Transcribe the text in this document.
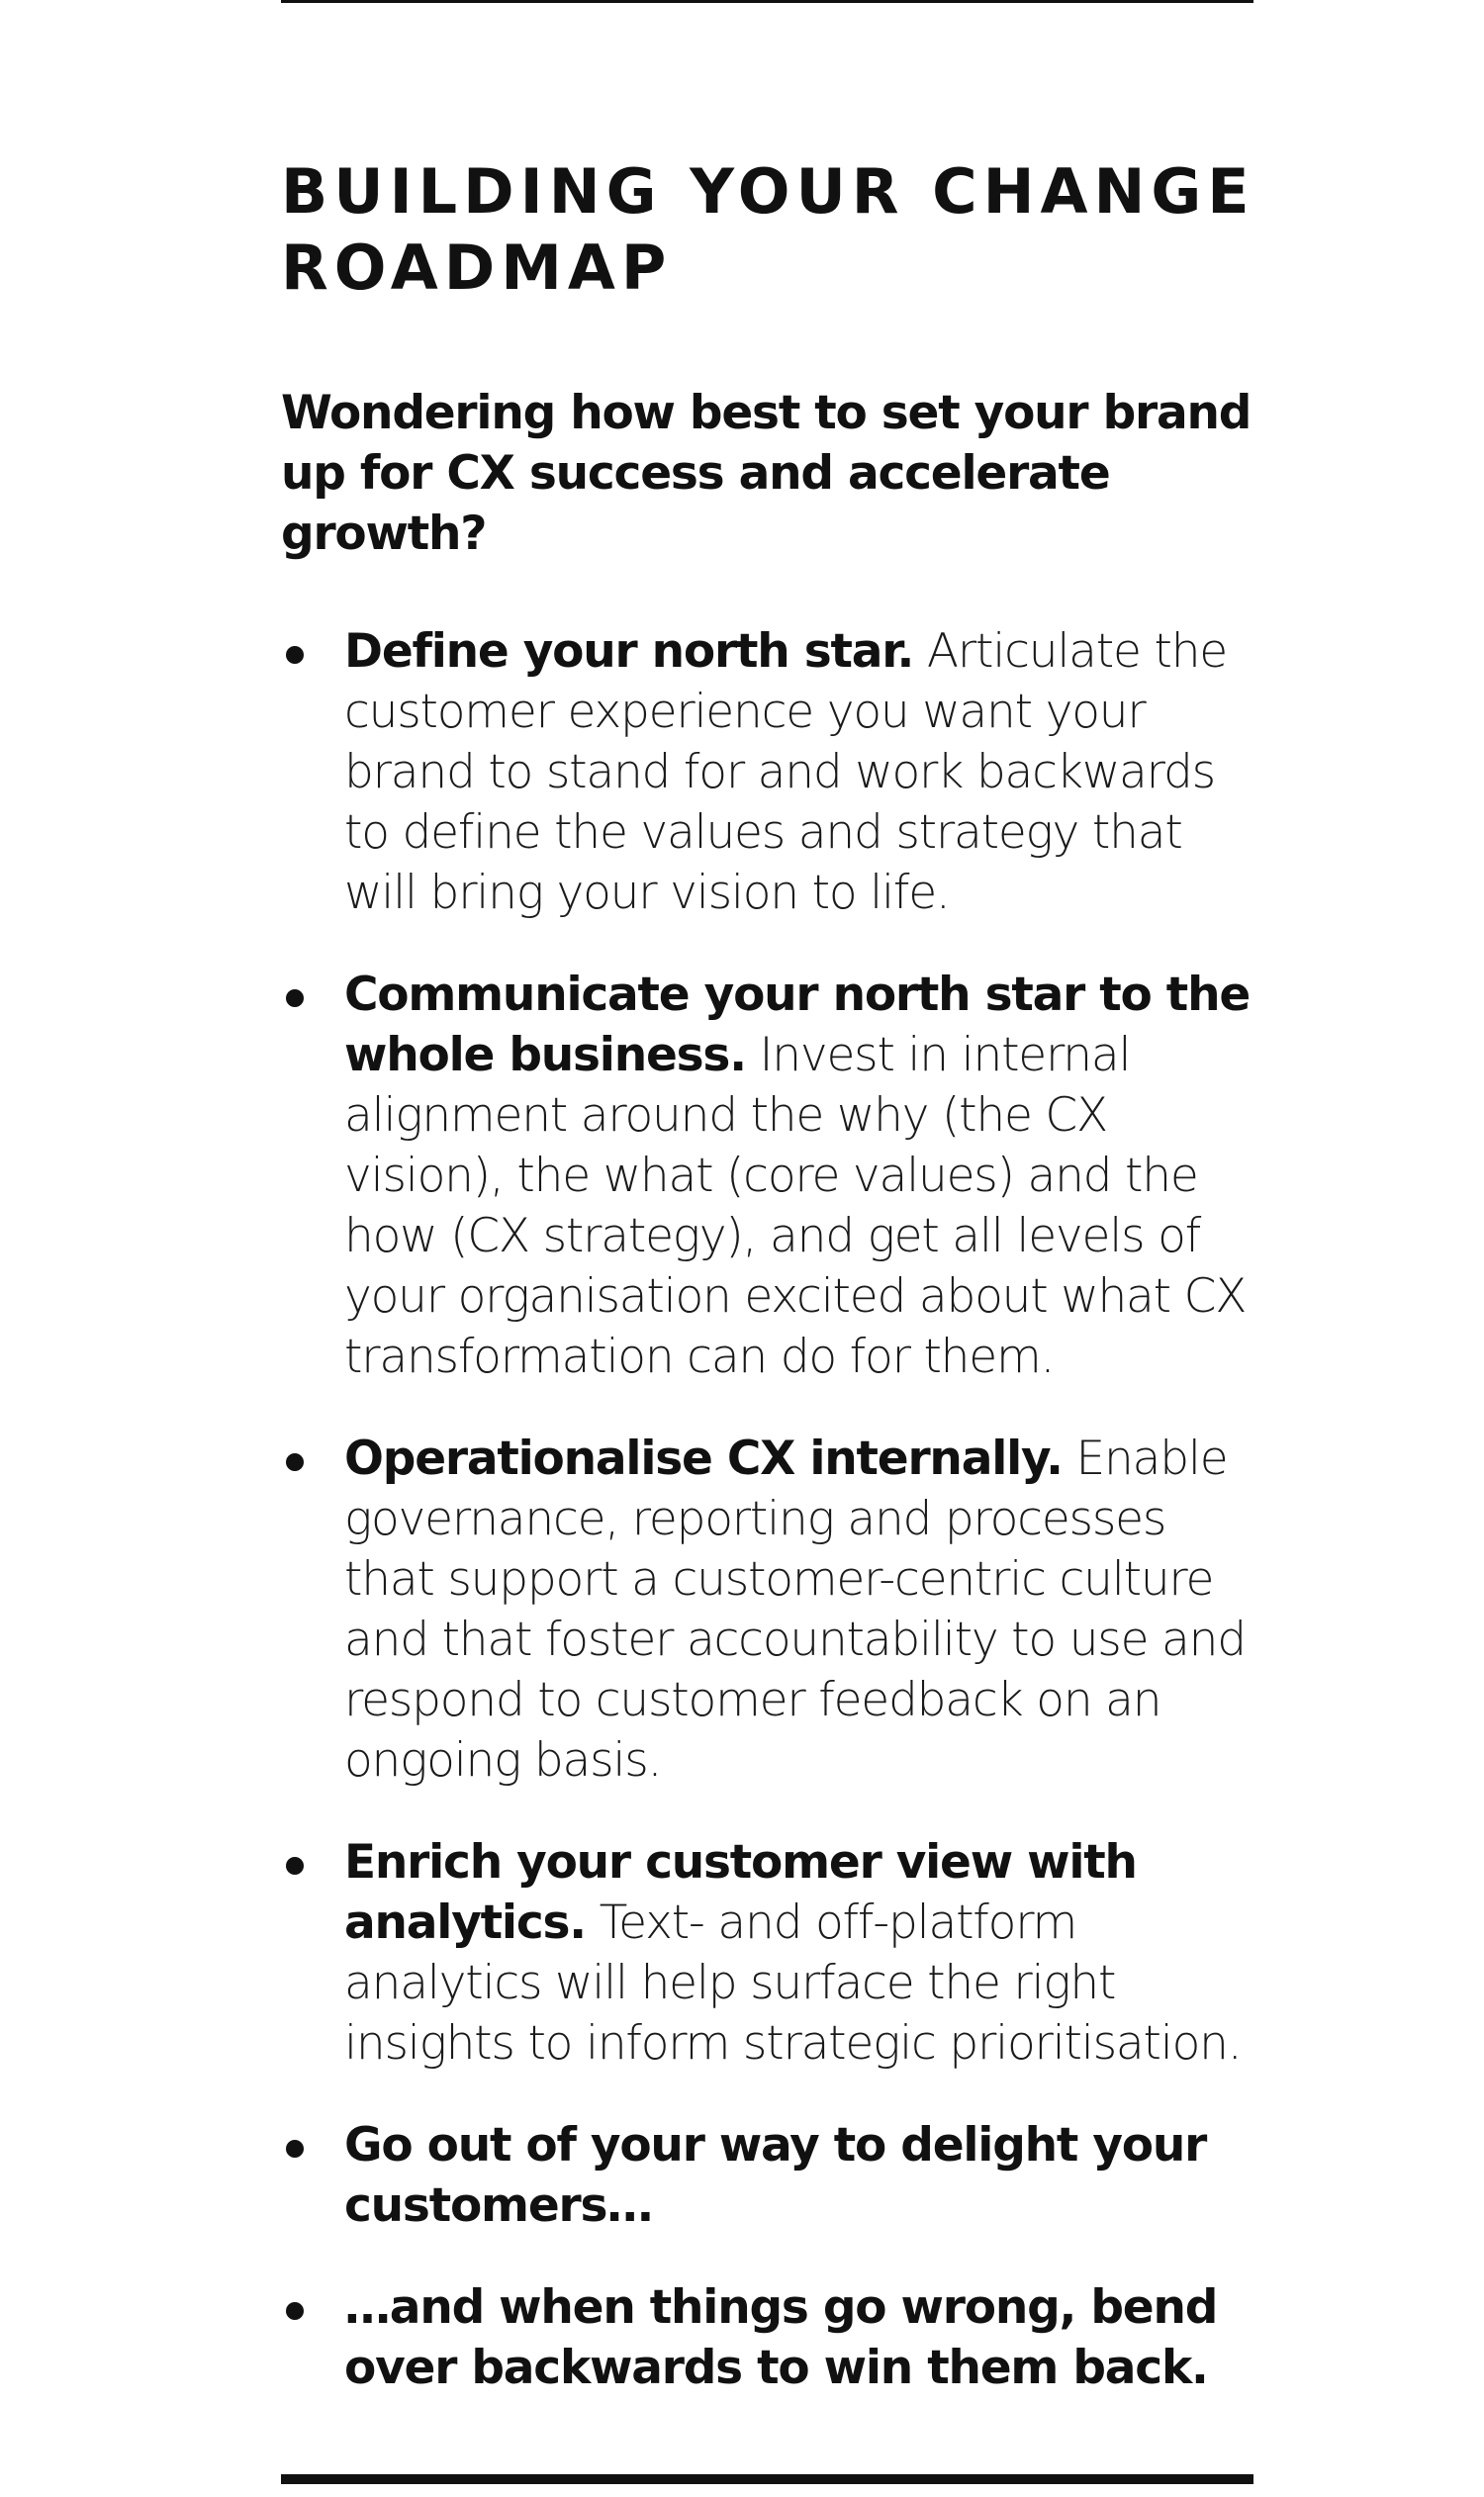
BUILDING YOUR CHANGE ROADMAP

Wondering how best to set your brand up for CX success and accelerate growth?

Define your north star. Articulate the customer experience you want your brand to stand for and work backwards to define the values and strategy that will bring your vision to life.
Communicate your north star to the whole business. Invest in internal alignment around the why (the CX vision), the what (core values) and the how (CX strategy), and get all levels of your organisation excited about what CX transformation can do for them.
Operationalise CX internally. Enable governance, reporting and processes that support a customer-centric culture and that foster accountability to use and respond to customer feedback on an ongoing basis.
Enrich your customer view with analytics. Text- and off-platform analytics will help surface the right insights to inform strategic prioritisation.
Go out of your way to delight your customers…
…and when things go wrong, bend over backwards to win them back.
